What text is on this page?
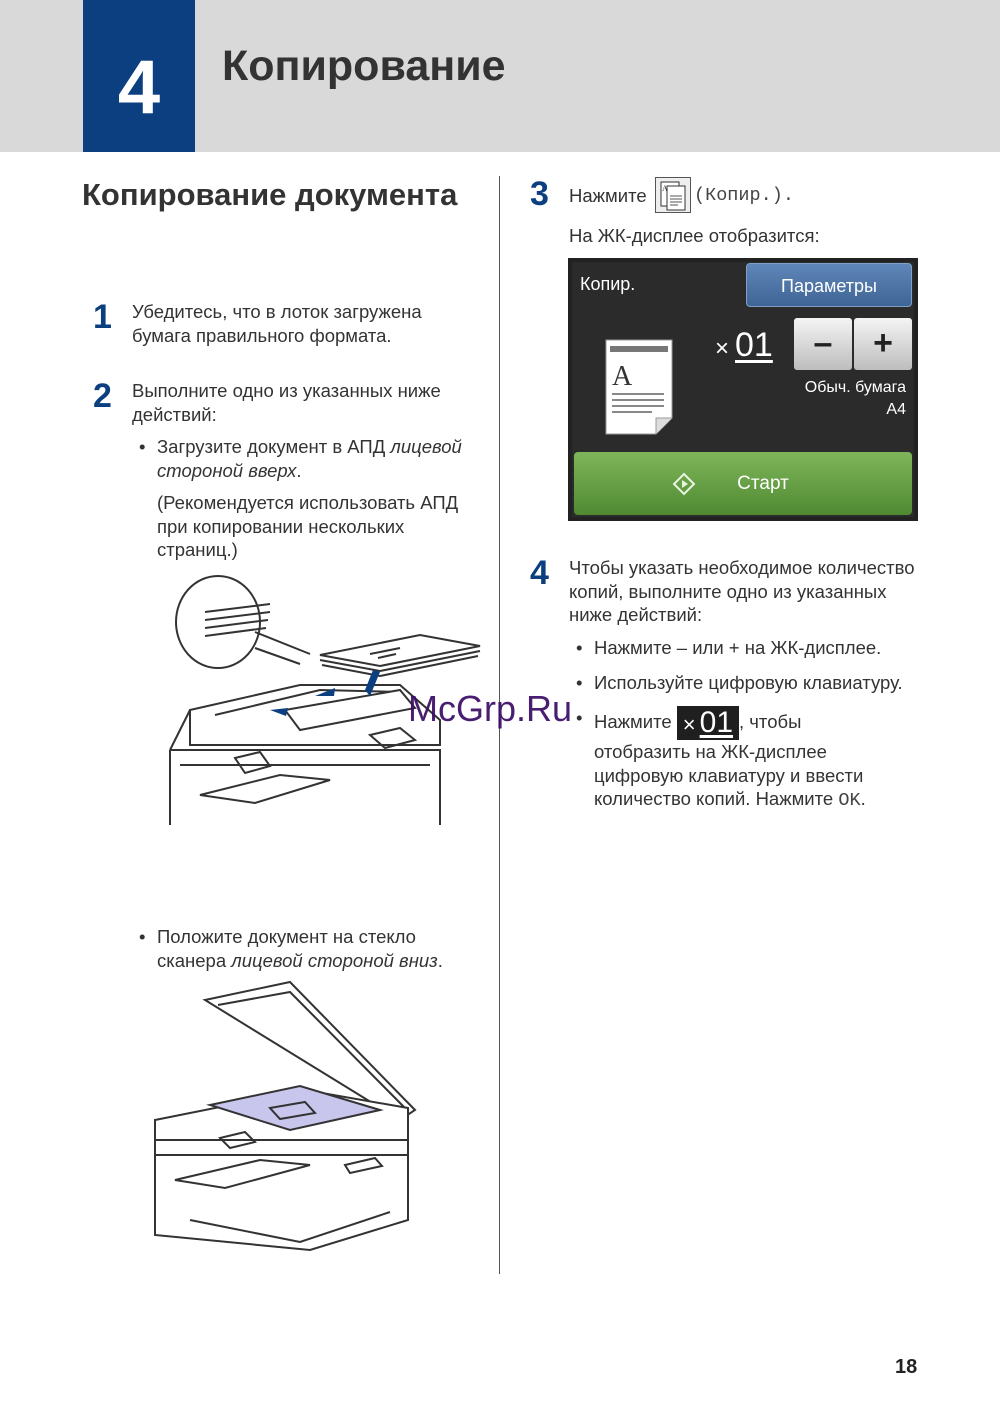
4	Копирование
Копирование документа
1 Убедитесь, что в лоток загружена бумага правильного формата.
2 Выполните одно из указанных ниже действий:
• Загрузите документ в АПД лицевой стороной вверх.
(Рекомендуется использовать АПД при копировании нескольких страниц.)
• Положите документ на стекло сканера лицевой стороной вниз.
3 Нажмите A (Копир.).
На ЖК-дисплее отобразится:
Копир.	Параметры
A
× 01	–	+
Обыч. бумага
A4
Старт
4 Чтобы указать необходимое количество копий, выполните одно из указанных ниже действий:
• Нажмите – или + на ЖК-дисплее.
• Используйте цифровую клавиатуру.
• Нажмите × 01 , чтобы отобразить на ЖК-дисплее цифровую клавиатуру и ввести количество копий. Нажмите OK.
McGrp.Ru
18
